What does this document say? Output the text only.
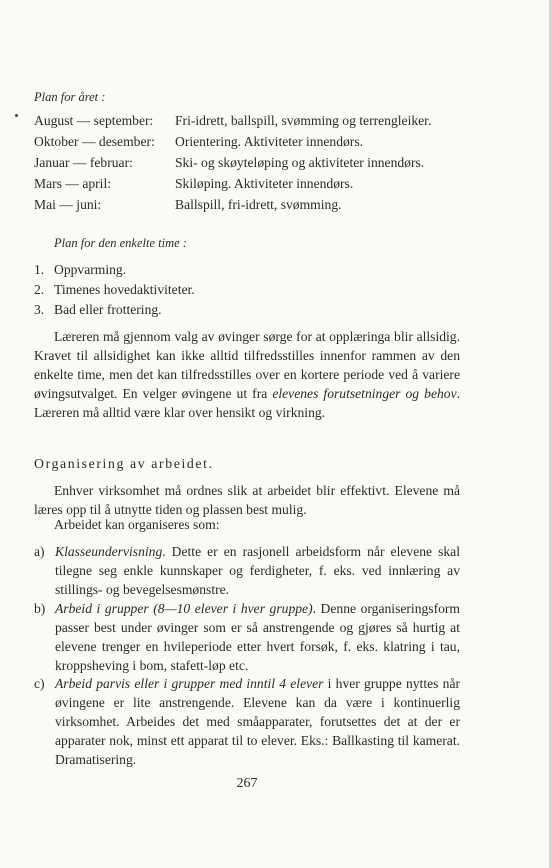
Plan for året :
August — september: Fri-idrett, ballspill, svømming og terrengleiker.
Oktober — desember: Orientering. Aktiviteter innendørs.
Januar — februar:	Ski- og skøyteløping og aktiviteter innendørs.
Mars — april:	Skiløping. Aktiviteter innendørs.
Mai — juni:	Ballspill, fri-idrett, svømming.
Plan for den enkelte time :
1. Oppvarming.
2. Timenes hovedaktiviteter.
3. Bad eller frottering.
Læreren må gjennom valg av øvinger sørge for at opplæringa blir allsidig. Kravet til allsidighet kan ikke alltid tilfredsstilles innenfor rammen av den enkelte time, men det kan tilfredsstilles over en kortere periode ved å variere øvingsutvalget. En velger øvingene ut fra elevenes forutsetninger og behov. Læreren må alltid være klar over hensikt og virkning.
Organisering av arbeidet.
Enhver virksomhet må ordnes slik at arbeidet blir effektivt. Elevene må læres opp til å utnytte tiden og plassen best mulig.
Arbeidet kan organiseres som:
a) Klasseundervisning. Dette er en rasjonell arbeidsform når elevene skal tilegne seg enkle kunnskaper og ferdigheter, f. eks. ved innlæring av stillings- og bevegelsesmønstre.
b) Arbeid i grupper (8—10 elever i hver gruppe). Denne organiseringsform passer best under øvinger som er så anstrengende og gjøres så hurtig at elevene trenger en hvileperiode etter hvert forsøk, f. eks. klatring i tau, kroppsheving i bom, stafett-løp etc.
c) Arbeid parvis eller i grupper med inntil 4 elever i hver gruppe nyttes når øvingene er lite anstrengende. Elevene kan da være i kontinuerlig virksomhet. Arbeides det med småapparater, forutsettes det at der er apparater nok, minst ett apparat til to elever. Eks.: Ballkasting til kamerat. Dramatisering.
267
